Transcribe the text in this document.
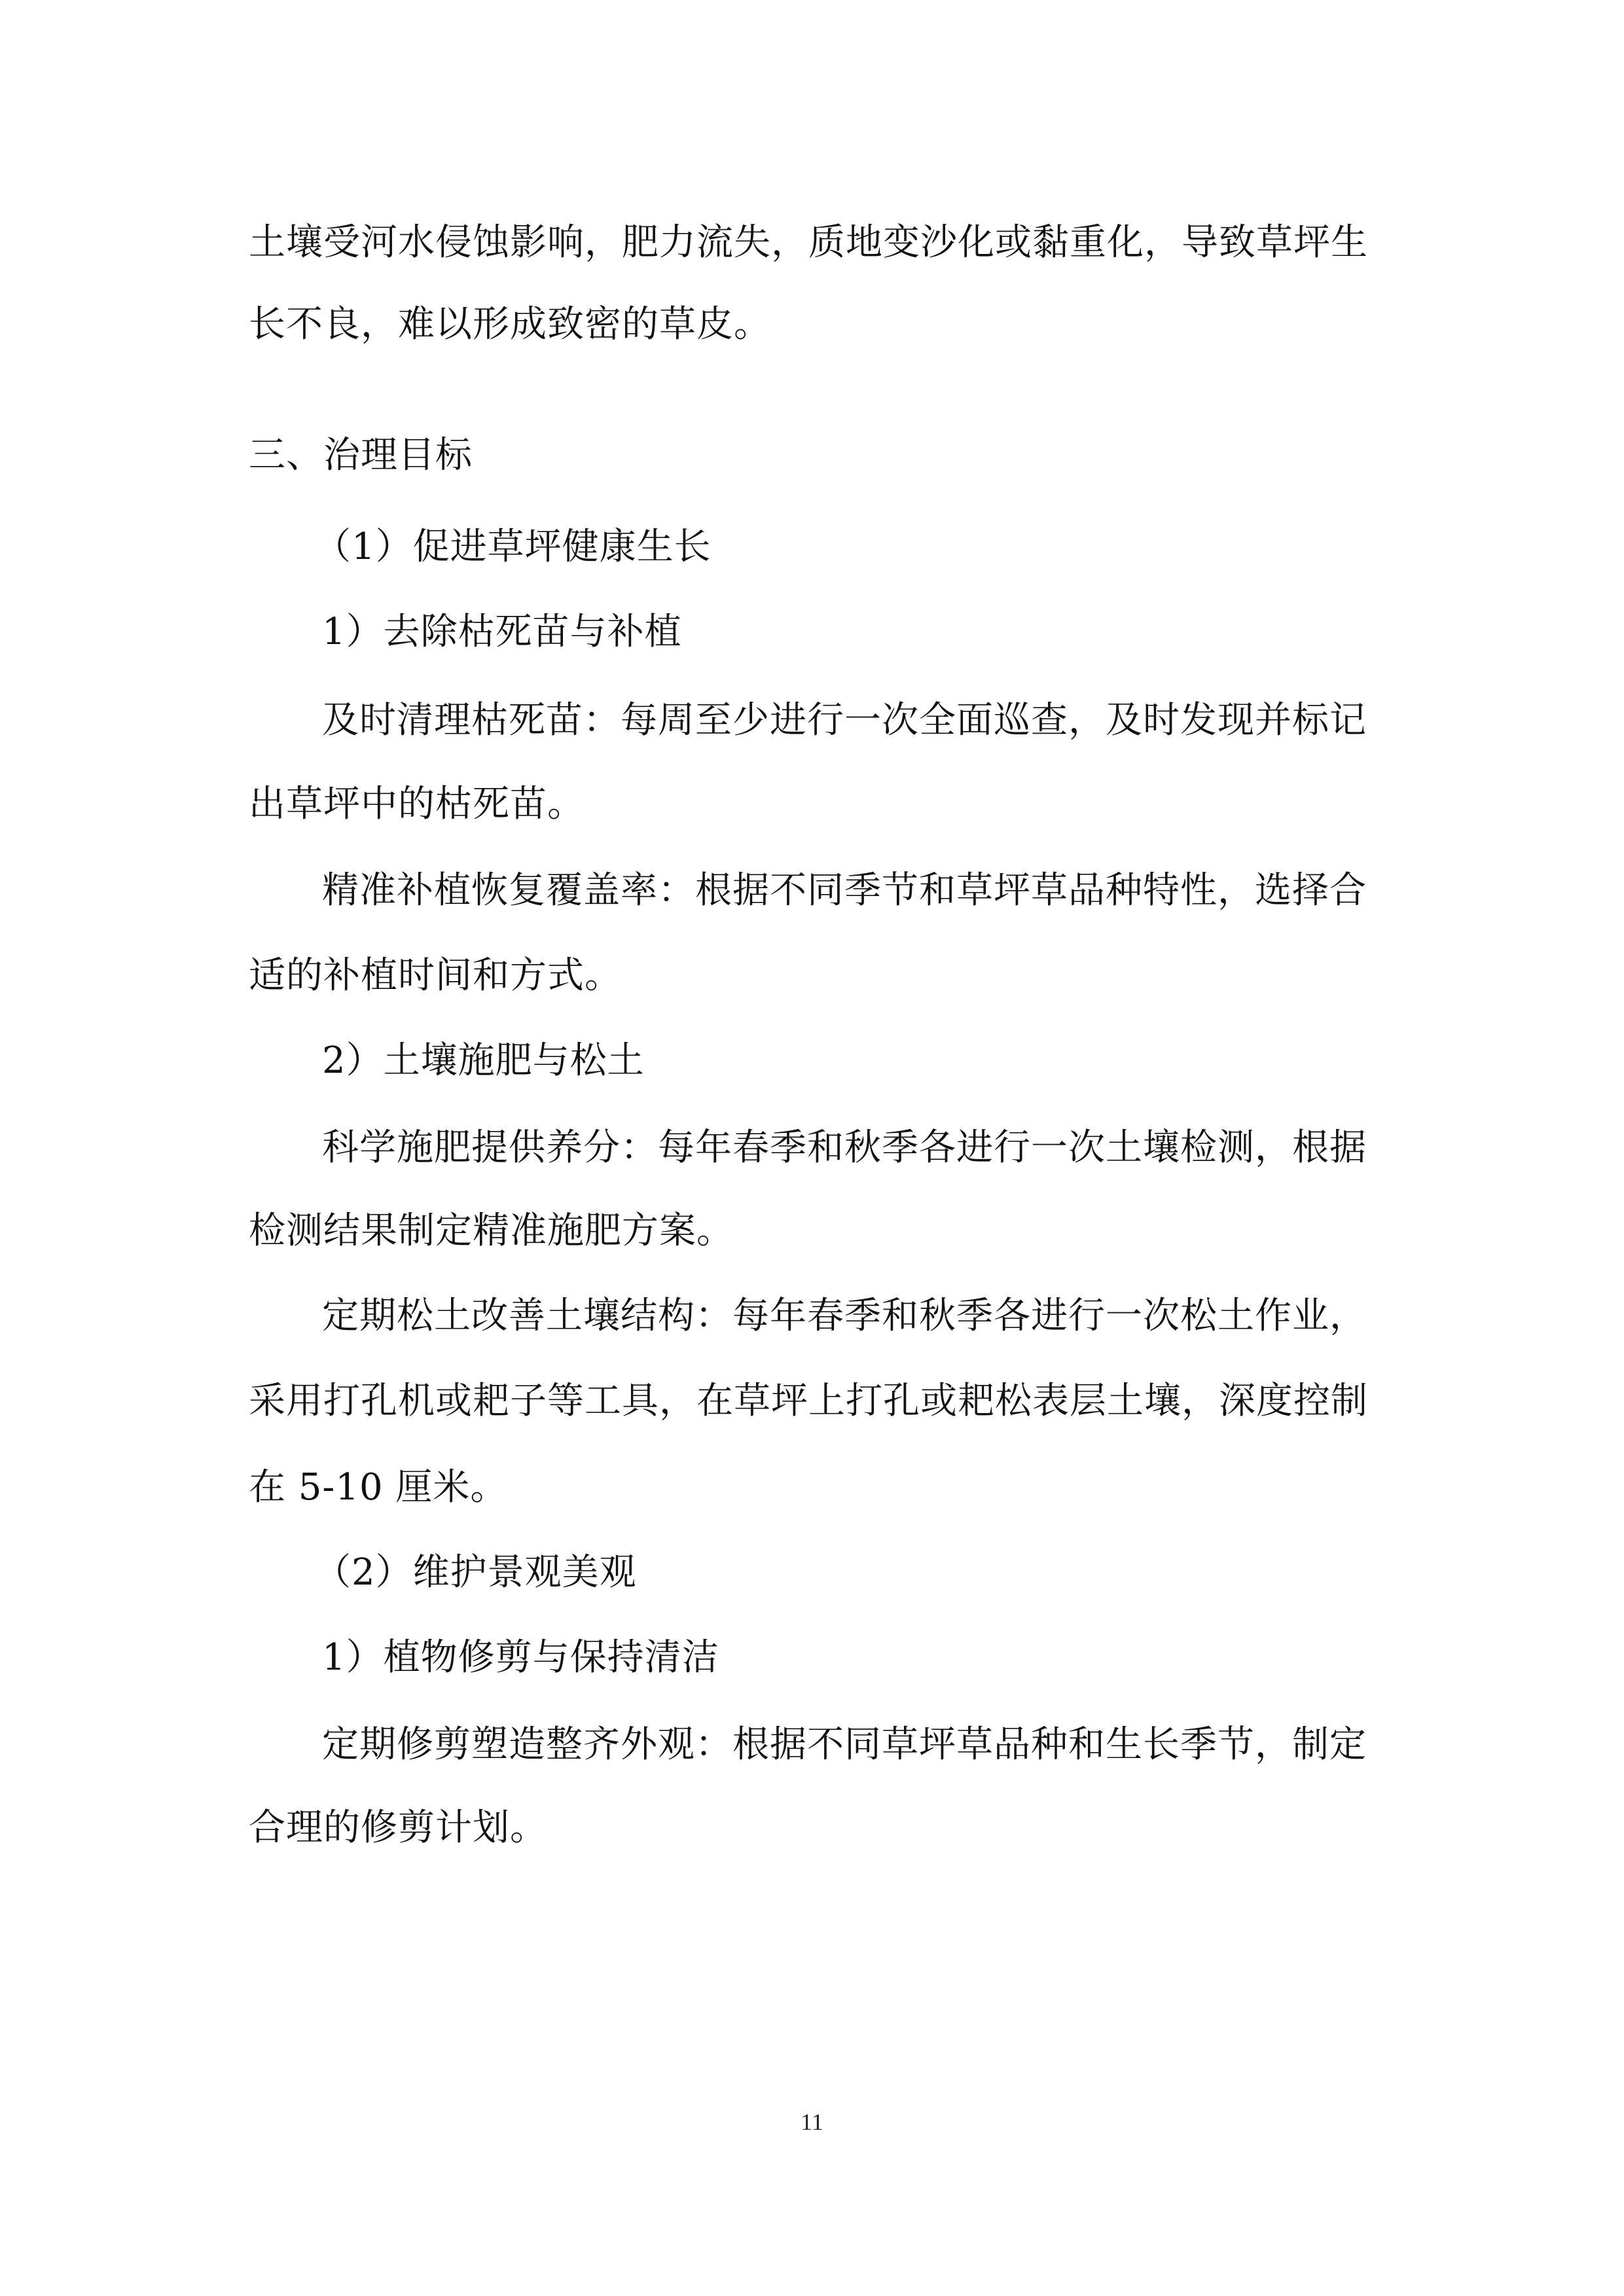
土壤受河水侵蚀影响，肥力流失，质地变沙化或黏重化，导致草坪生
长不良，难以形成致密的草皮。
三、治理目标
（1）促进草坪健康生长
1）去除枯死苗与补植
及时清理枯死苗：每周至少进行一次全面巡查，及时发现并标记
出草坪中的枯死苗。
精准补植恢复覆盖率：根据不同季节和草坪草品种特性，选择合
适的补植时间和方式。
2）土壤施肥与松土
科学施肥提供养分：每年春季和秋季各进行一次土壤检测，根据
检测结果制定精准施肥方案。
定期松土改善土壤结构：每年春季和秋季各进行一次松土作业，
采用打孔机或耙子等工具，在草坪上打孔或耙松表层土壤，深度控制
在 5-10 厘米。
（2）维护景观美观
1）植物修剪与保持清洁
定期修剪塑造整齐外观：根据不同草坪草品种和生长季节，制定
合理的修剪计划。
11
